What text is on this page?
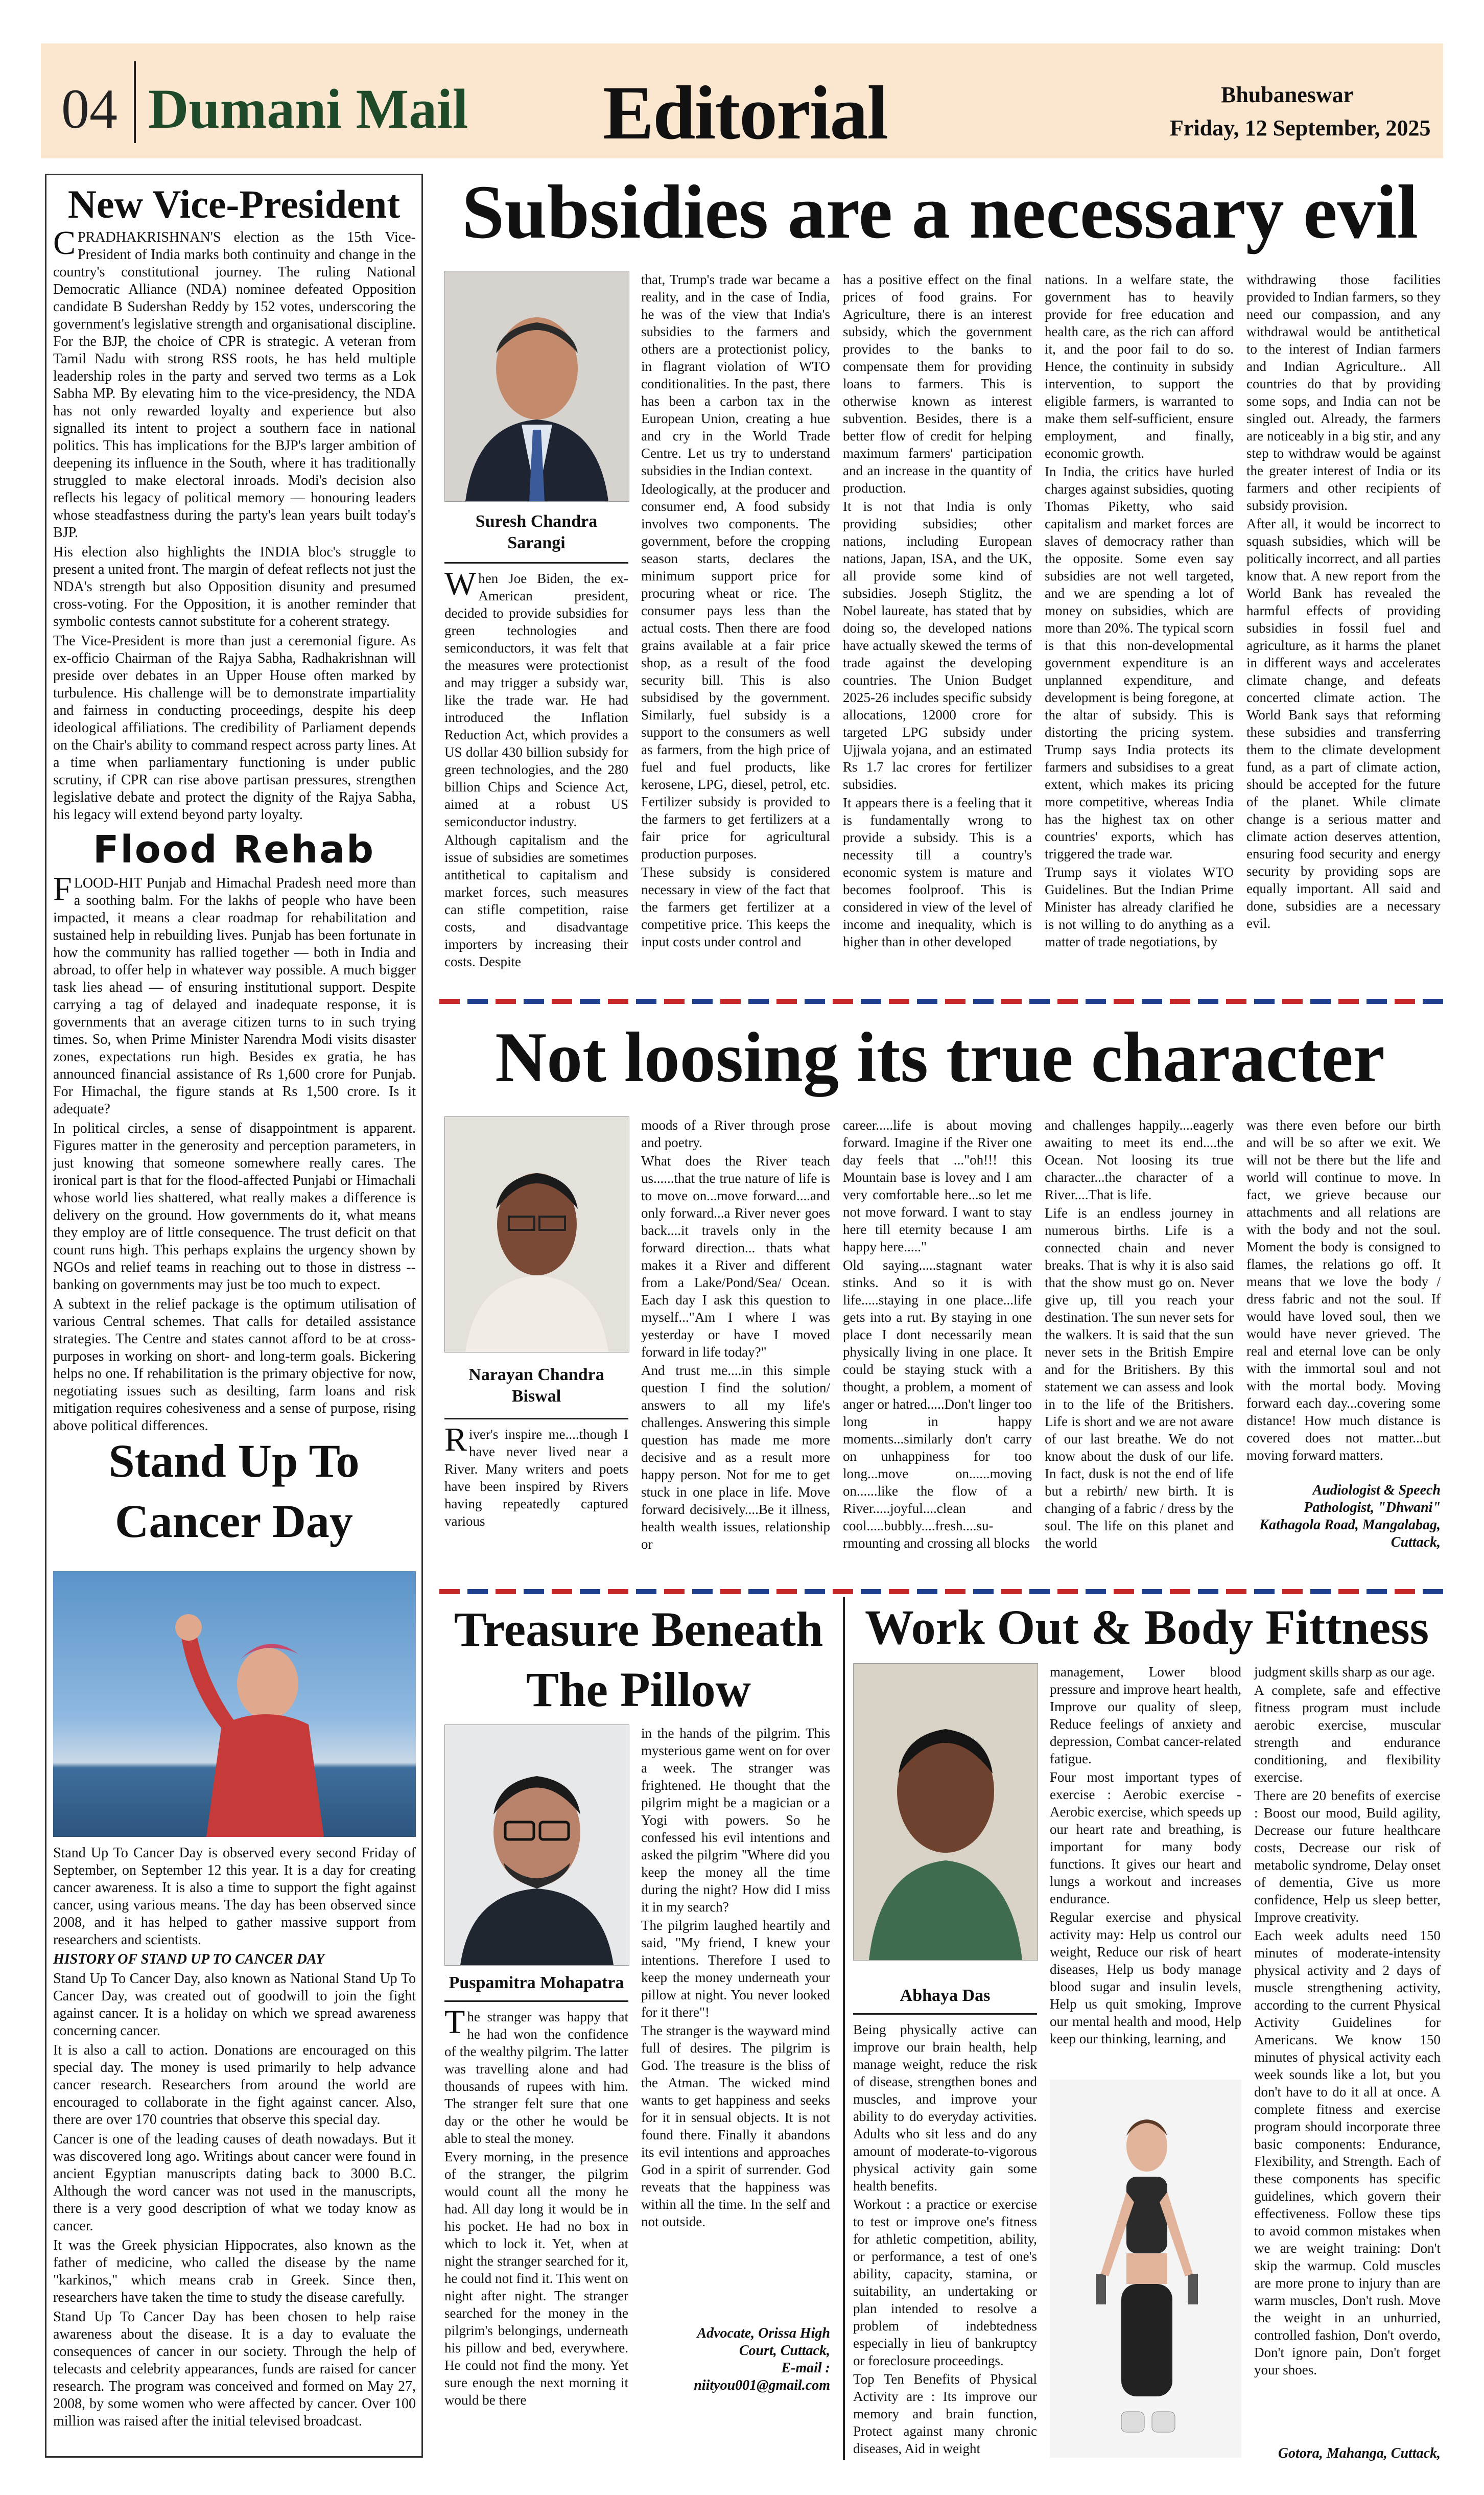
04 Dumani Mail Editorial	Bhubaneswar
Friday, 12 September, 2025
New Vice-President

CPRADHAKRISHNAN'S election as the 15th Vice-President of India marks both continuity and change in the country's constitutional journey. The ruling National Democratic Alliance (NDA) nominee defeated Opposition candidate B Sudershan Reddy by 152 votes, underscoring the government's legislative strength and organisational discipline. For the BJP, the choice of CPR is strategic. A veteran from Tamil Nadu with strong RSS roots, he has held multiple leadership roles in the party and served two terms as a Lok Sabha MP. By elevating him to the vice-presidency, the NDA has not only rewarded loyalty and experience but also signalled its intent to project a southern face in national politics. This has implications for the BJP's larger ambition of deepening its influence in the South, where it has traditionally struggled to make electoral inroads. Modi's decision also reflects his legacy of political memory — honouring leaders whose steadfastness during the party's lean years built today's BJP.

His election also highlights the INDIA bloc's struggle to present a united front. The margin of defeat reflects not just the NDA's strength but also Opposition disunity and presumed cross-voting. For the Opposition, it is another reminder that symbolic contests cannot substitute for a coherent strategy.

The Vice-President is more than just a ceremonial figure. As ex-officio Chairman of the Rajya Sabha, Radhakrishnan will preside over debates in an Upper House often marked by turbulence. His challenge will be to demonstrate impartiality and fairness in conducting proceedings, despite his deep ideological affiliations. The credibility of Parliament depends on the Chair's ability to command respect across party lines. At a time when parliamentary functioning is under public scrutiny, if CPR can rise above partisan pressures, strengthen legislative debate and protect the dignity of the Rajya Sabha, his legacy will extend beyond party loyalty.

Flood Rehab

FLOOD-HIT Punjab and Himachal Pradesh need more than a soothing balm. For the lakhs of people who have been impacted, it means a clear roadmap for rehabilitation and sustained help in rebuilding lives. Punjab has been fortunate in how the community has rallied together — both in India and abroad, to offer help in whatever way possible. A much bigger task lies ahead — of ensuring institutional support. Despite carrying a tag of delayed and inadequate response, it is governments that an average citizen turns to in such trying times. So, when Prime Minister Narendra Modi visits disaster zones, expectations run high. Besides ex gratia, he has announced financial assistance of Rs 1,600 crore for Punjab. For Himachal, the figure stands at Rs 1,500 crore. Is it adequate?

In political circles, a sense of disappointment is apparent. Figures matter in the generosity and perception parameters, in just knowing that someone somewhere really cares. The ironical part is that for the flood-affected Punjabi or Himachali whose world lies shattered, what really makes a difference is delivery on the ground. How governments do it, what means they employ are of little consequence. The trust deficit on that count runs high. This perhaps explains the urgency shown by NGOs and relief teams in reaching out to those in distress -- banking on governments may just be too much to expect.

A subtext in the relief package is the optimum utilisation of various Central schemes. That calls for detailed assistance strategies. The Centre and states cannot afford to be at cross-purposes in working on short- and long-term goals. Bickering helps no one. If rehabilitation is the primary objective for now, negotiating issues such as desilting, farm loans and risk mitigation requires cohesiveness and a sense of purpose, rising above political differences.

Stand Up To
Cancer Day

Stand Up To Cancer Day is observed every second Friday of September, on September 12 this year. It is a day for creating cancer awareness. It is also a time to support the fight against cancer, using various means. The day has been observed since 2008, and it has helped to gather massive support from researchers and scientists.

HISTORY OF STAND UP TO CANCER DAY

Stand Up To Cancer Day, also known as National Stand Up To Cancer Day, was created out of goodwill to join the fight against cancer. It is a holiday on which we spread awareness concerning cancer.

It is also a call to action. Donations are encouraged on this special day. The money is used primarily to help advance cancer research. Researchers from around the world are encouraged to collaborate in the fight against cancer. Also, there are over 170 countries that observe this special day.

Cancer is one of the leading causes of death nowadays. But it was discovered long ago. Writings about cancer were found in ancient Egyptian manuscripts dating back to 3000 B.C. Although the word cancer was not used in the manuscripts, there is a very good description of what we today know as cancer.

It was the Greek physician Hippocrates, also known as the father of medicine, who called the disease by the name "karkinos," which means crab in Greek. Since then, researchers have taken the time to study the disease carefully.

Stand Up To Cancer Day has been chosen to help raise awareness about the disease. It is a day to evaluate the consequences of cancer in our society. Through the help of telecasts and celebrity appearances, funds are raised for cancer research. The program was conceived and formed on May 27, 2008, by some women who were affected by cancer. Over 100 million was raised after the initial televised broadcast.

Subsidies are a necessary evil
Suresh Chandra Sarangi

When Joe Biden, the ex-American president, decided to provide subsidies for green technologies and semiconductors, it was felt that the measures were protectionist and may trigger a subsidy war, like the trade war. He had introduced the Inflation Reduction Act, which provides a US dollar 430 billion subsidy for green technologies, and the 280 billion Chips and Science Act, aimed at a robust US semiconductor industry.

Although capitalism and the issue of subsidies are sometimes antithetical to capitalism and market forces, such measures can stifle competition, raise costs, and disadvantage importers by increasing their costs. Despite

that, Trump's trade war became a reality, and in the case of India, he was of the view that India's subsidies to the farmers and others are a protectionist policy, in flagrant violation of WTO conditionalities. In the past, there has been a carbon tax in the European Union, creating a hue and cry in the World Trade Centre. Let us try to understand subsidies in the Indian context.

Ideologically, at the producer and consumer end, A food subsidy involves two components. The government, before the cropping season starts, declares the minimum support price for procuring wheat or rice. The consumer pays less than the actual costs. Then there are food grains available at a fair price shop, as a result of the food security bill. This is also subsidised by the government. Similarly, fuel subsidy is a support to the consumers as well as farmers, from the high price of fuel and fuel products, like kerosene, LPG, diesel, petrol, etc. Fertilizer subsidy is provided to the farmers to get fertilizers at a fair price for agricultural production purposes.

These subsidy is considered necessary in view of the fact that the farmers get fertilizer at a competitive price. This keeps the input costs under control and

has a positive effect on the final prices of food grains. For Agriculture, there is an interest subsidy, which the government provides to the banks to compensate them for providing loans to farmers. This is otherwise known as interest subvention. Besides, there is a better flow of credit for helping maximum farmers' participation and an increase in the quantity of production.

It is not that India is only providing subsidies; other nations, including European nations, Japan, ISA, and the UK, all provide some kind of subsidies. Joseph Stiglitz, the Nobel laureate, has stated that by doing so, the developed nations have actually skewed the terms of trade against the developing countries. The Union Budget 2025-26 includes specific subsidy allocations, 12000 crore for targeted LPG subsidy under Ujjwala yojana, and an estimated Rs 1.7 lac crores for fertilizer subsidies.

It appears there is a feeling that it is fundamentally wrong to provide a subsidy. This is a necessity till a country's economic system is mature and becomes foolproof. This is considered in view of the level of income and inequality, which is higher than in other developed

nations. In a welfare state, the government has to heavily provide for free education and health care, as the rich can afford it, and the poor fail to do so. Hence, the continuity in subsidy intervention, to support the eligible farmers, is warranted to make them self-sufficient, ensure employment, and finally, economic growth.

In India, the critics have hurled charges against subsidies, quoting Thomas Piketty, who said capitalism and market forces are slaves of democracy rather than the opposite. Some even say subsidies are not well targeted, and we are spending a lot of money on subsidies, which are more than 20%. The typical scorn is that this non-developmental government expenditure is an unplanned expenditure, and development is being foregone, at the altar of subsidy. This is distorting the pricing system. Trump says India protects its farmers and subsidises to a great extent, which makes its pricing more competitive, whereas India has the highest tax on other countries' exports, which has triggered the trade war.

Trump says it violates WTO Guidelines. But the Indian Prime Minister has already clarified he is not willing to do anything as a matter of trade negotiations, by

withdrawing those facilities provided to Indian farmers, so they need our compassion, and any withdrawal would be antithetical to the interest of Indian farmers and Indian Agriculture.. All countries do that by providing some sops, and India can not be singled out. Already, the farmers are noticeably in a big stir, and any step to withdraw would be against the greater interest of India or its farmers and other recipients of subsidy provision.

After all, it would be incorrect to squash subsidies, which will be politically incorrect, and all parties know that. A new report from the World Bank has revealed the harmful effects of providing subsidies in fossil fuel and agriculture, as it harms the planet in different ways and accelerates climate change, and defeats concerted climate action. The World Bank says that reforming these subsidies and transferring them to the climate development fund, as a part of climate action, should be accepted for the future of the planet. While climate change is a serious matter and climate action deserves attention, ensuring food security and energy security by providing sops are equally important. All said and done, subsidies are a necessary evil.

Not loosing its true character
Narayan Chandra
Biswal

River's inspire me....though I have never lived near a River. Many writers and poets have been inspired by Rivers having repeatedly captured various

moods of a River through prose and poetry.

What does the River teach us......that the true nature of life is to move on...move forward....and only forward...a River never goes back....it travels only in the forward direction... thats what makes it a River and different from a Lake/Pond/Sea/ Ocean. Each day I ask this question to myself..."Am I where I was yesterday or have I moved forward in life today?"

And trust me....in this simple question I find the solution/ answers to all my life's challenges. Answering this simple question has made me more decisive and as a result more happy person. Not for me to get stuck in one place in life. Move forward decisively....Be it illness, health wealth issues, relationship or

career.....life is about moving forward. Imagine if the River one day feels that ..."oh!!! this Mountain base is lovey and I am very comfortable here...so let me not move forward. I want to stay here till eternity because I am happy here....."

Old saying.....stagnant water stinks. And so it is with life.....staying in one place...life gets into a rut. By staying in one place I dont necessarily mean physically living in one place. It could be staying stuck with a thought, a problem, a moment of anger or hatred.....Don't linger too long in happy moments...similarly don't carry on unhappiness for too long...move on......moving on......like the flow of a River.....joyful....clean and cool.....bubbly....fresh....su-rmounting and crossing all blocks

and challenges happily....eagerly awaiting to meet its end....the Ocean. Not loosing its true character...the character of a River....That is life.

Life is an endless journey in numerous births. Life is a connected chain and never breaks. That is why it is also said that the show must go on. Never give up, till you reach your destination. The sun never sets for the walkers. It is said that the sun never sets in the British Empire and for the Britishers. By this statement we can assess and look in to the life of the Britishers. Life is short and we are not aware of our last breathe. We do not know about the dusk of our life. In fact, dusk is not the end of life but a rebirth/ new birth. It is changing of a fabric / dress by the soul. The life on this planet and the world

was there even before our birth and will be so after we exit. We will not be there but the life and world will continue to move. In fact, we grieve because our attachments and all relations are with the body and not the soul. Moment the body is consigned to flames, the relations go off. It means that we love the body / dress fabric and not the soul. If would have loved soul, then we would have never grieved. The real and eternal love can be only with the immortal soul and not with the mortal body. Moving forward each day...covering some distance! How much distance is covered does not matter...but moving forward matters.

Audiologist & Speech
Pathologist, "Dhwani"
Kathagola Road, Mangalabag,
Cuttack,
Treasure Beneath
The Pillow
Puspamitra Mohapatra

The stranger was happy that he had won the confidence of the wealthy pilgrim. The latter was travelling alone and had thousands of rupees with him. The stranger felt sure that one day or the other he would be able to steal the money.

Every morning, in the presence of the stranger, the pilgrim would count all the mony he had. All day long it would be in his pocket. He had no box in which to lock it. Yet, when at night the stranger searched for it, he could not find it. This went on night after night. The stranger searched for the money in the pilgrim's belongings, underneath his pillow and bed, everywhere. He could not find the mony. Yet sure enough the next morning it would be there

in the hands of the pilgrim. This mysterious game went on for over a week. The stranger was frightened. He thought that the pilgrim might be a magician or a Yogi with powers. So he confessed his evil intentions and asked the pilgrim "Where did you keep the money all the time during the night? How did I miss it in my search?

The pilgrim laughed heartily and said, "My friend, I knew your intentions. Therefore I used to keep the money underneath your pillow at night. You never looked for it there"!

The stranger is the wayward mind full of desires. The pilgrim is God. The treasure is the bliss of the Atman. The wicked mind wants to get happiness and seeks for it in sensual objects. It is not found there. Finally it abandons its evil intentions and approaches God in a spirit of surrender. God reveats that the happiness was within all the time. In the self and not outside.

Advocate, Orissa High
Court, Cuttack,
E-mail :
niityou001@gmail.com
Work Out & Body Fittness
Abhaya Das

Being physically active can improve our brain health, help manage weight, reduce the risk of disease, strengthen bones and muscles, and improve your ability to do everyday activities. Adults who sit less and do any amount of moderate-to-vigorous physical activity gain some health benefits.

Workout : a practice or exercise to test or improve one's fitness for athletic competition, ability, or performance, a test of one's ability, capacity, stamina, or suitability, an undertaking or plan intended to resolve a problem of indebtedness especially in lieu of bankruptcy or foreclosure proceedings.

Top Ten Benefits of Physical Activity are : Its improve our memory and brain function, Protect against many chronic diseases, Aid in weight

management, Lower blood pressure and improve heart health, Improve our quality of sleep, Reduce feelings of anxiety and depression, Combat cancer-related fatigue.

Four most important types of exercise : Aerobic exercise - Aerobic exercise, which speeds up our heart rate and breathing, is important for many body functions. It gives our heart and lungs a workout and increases endurance.

Regular exercise and physical activity may: Help us control our weight, Reduce our risk of heart diseases, Help us body manage blood sugar and insulin levels, Help us quit smoking, Improve our mental health and mood, Help keep our thinking, learning, and

judgment skills sharp as our age.

A complete, safe and effective fitness program must include aerobic exercise, muscular strength and endurance conditioning, and flexibility exercise.

There are 20 benefits of exercise : Boost our mood, Build agility, Decrease our future healthcare costs, Decrease our risk of metabolic syndrome, Delay onset of dementia, Give us more confidence, Help us sleep better, Improve creativity.

Each week adults need 150 minutes of moderate-intensity physical activity and 2 days of muscle strengthening activity, according to the current Physical Activity Guidelines for Americans. We know 150 minutes of physical activity each week sounds like a lot, but you don't have to do it all at once. A complete fitness and exercise program should incorporate three basic components: Endurance, Flexibility, and Strength. Each of these components has specific guidelines, which govern their effectiveness. Follow these tips to avoid common mistakes when we are weight training: Don't skip the warmup. Cold muscles are more prone to injury than are warm muscles, Don't rush. Move the weight in an unhurried, controlled fashion, Don't overdo, Don't ignore pain, Don't forget your shoes.

Gotora, Mahanga, Cuttack,
